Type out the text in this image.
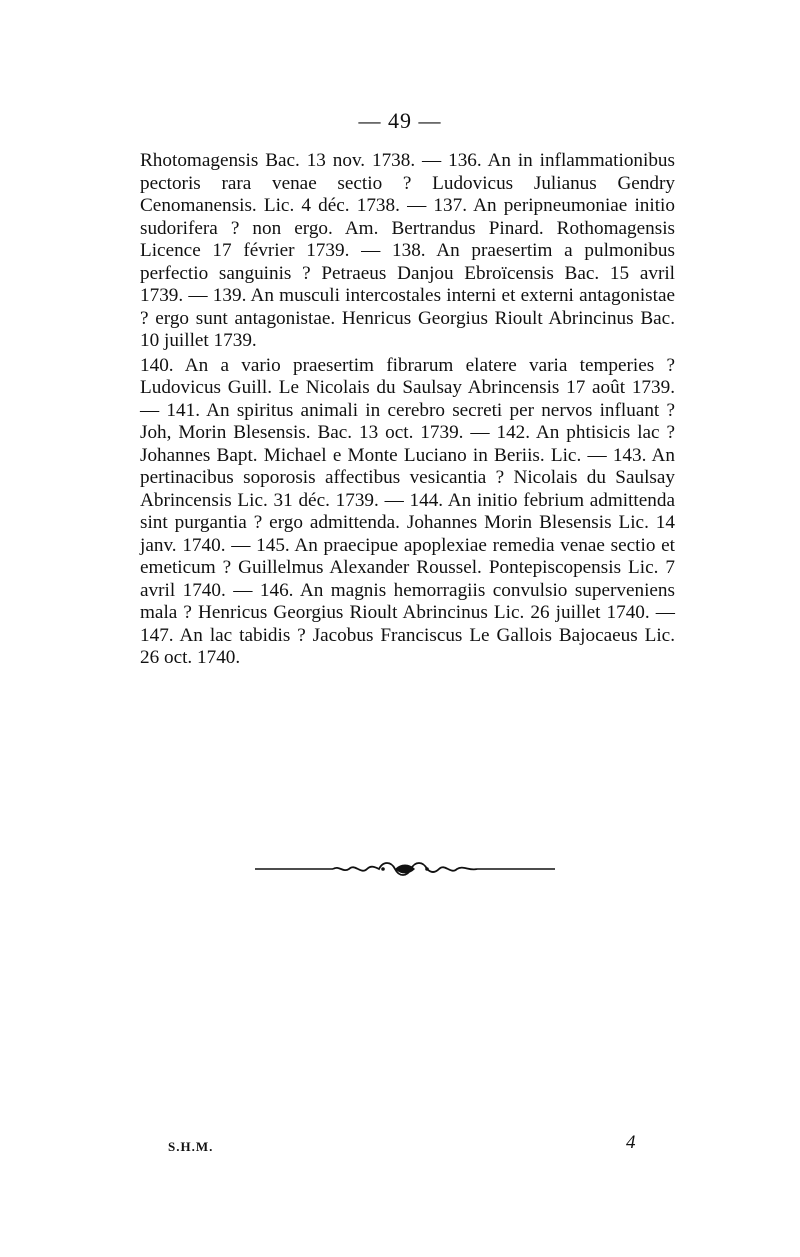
— 49 —

Rhotomagensis Bac. 13 nov. 1738. — 136. An in inflammationibus pectoris rara venae sectio ? Ludovicus Julianus Gendry Cenomanensis. Lic. 4 déc. 1738. — 137. An peripneumoniae initio sudorifera ? non ergo. Am. Bertrandus Pinard. Rothomagensis Licence 17 février 1739. — 138. An praesertim a pulmonibus perfectio sanguinis ? Petraeus Danjou Ebroïcensis Bac. 15 avril 1739. — 139. An musculi intercostales interni et externi antagonistae ? ergo sunt antagonistae. Henricus Georgius Rioult Abrincinus Bac. 10 juillet 1739.

140. An a vario praesertim fibrarum elatere varia temperies ? Ludovicus Guill. Le Nicolais du Saulsay Abrincensis 17 août 1739. — 141. An spiritus animali in cerebro secreti per nervos influant ? Joh, Morin Blesensis. Bac. 13 oct. 1739. — 142. An phtisicis lac ? Johannes Bapt. Michael e Monte Luciano in Beriis. Lic. — 143. An pertinacibus soporosis affectibus vesicantia ? Nicolais du Saulsay Abrincensis Lic. 31 déc. 1739. — 144. An initio febrium admittenda sint purgantia ? ergo admittenda. Johannes Morin Blesensis Lic. 14 janv. 1740. — 145. An praecipue apoplexiae remedia venae sectio et emeticum ? Guillelmus Alexander Roussel. Pontepiscopensis Lic. 7 avril 1740. — 146. An magnis hemorragiis convulsio superveniens mala ? Henricus Georgius Rioult Abrincinus Lic. 26 juillet 1740. — 147. An lac tabidis ? Jacobus Franciscus Le Gallois Bajocaeus Lic. 26 oct. 1740.

S.H.M.	4
